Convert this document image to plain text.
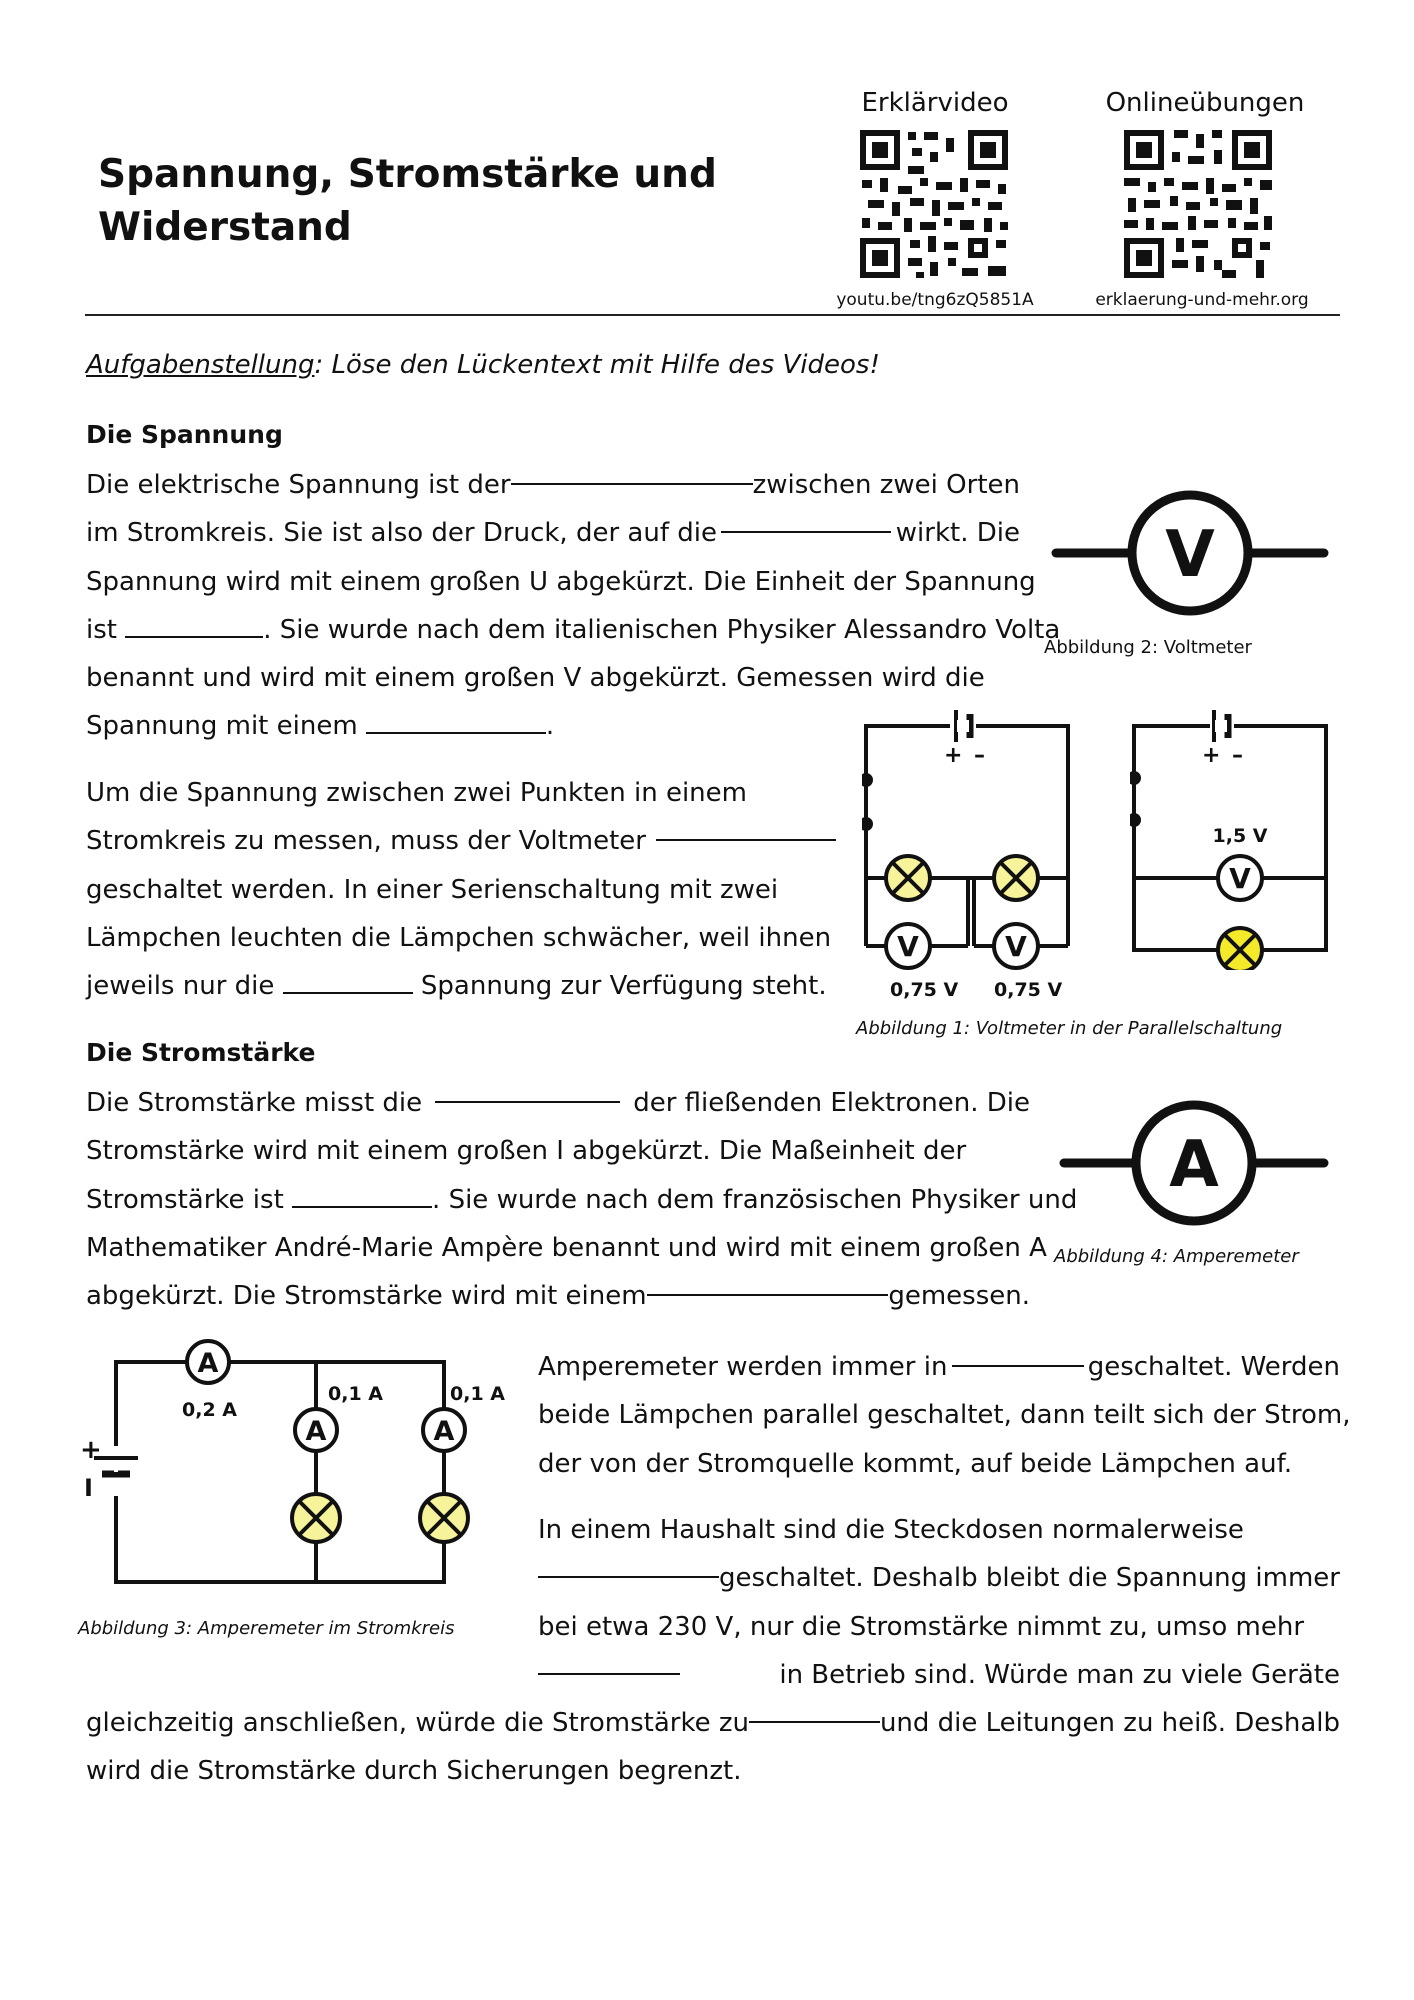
Spannung, Stromstärke und
Widerstand
Erklärvideo
youtu.be/tng6zQ5851A
Onlineübungen
erklaerung-und-mehr.org
Aufgabenstellung: Löse den Lückentext mit Hilfe des Videos!
Die Spannung
Die elektrische Spannung ist der	zwischen zwei Orten
im Stromkreis. Sie ist also der Druck, der auf die	wirkt. Die
Spannung wird mit einem großen U abgekürzt. Die Einheit der Spannung
ist	. Sie wurde nach dem italienischen Physiker Alessandro Volta
benannt und wird mit einem großen V abgekürzt. Gemessen wird die
Spannung mit einem	.
Um die Spannung zwischen zwei Punkten in einem
Stromkreis zu messen, muss der Voltmeter
geschaltet werden. In einer Serienschaltung mit zwei
Lämpchen leuchten die Lämpchen schwächer, weil ihnen
jeweils nur die	Spannung zur Verfügung steht.
V
Abbildung 2: Voltmeter
+ –
V	V
0,75 V 0,75 V
+ –
1,5 V
V
Abbildung 1: Voltmeter in der Parallelschaltung
Die Stromstärke
Die Stromstärke misst die	der fließenden Elektronen. Die
Stromstärke wird mit einem großen I abgekürzt. Die Maßeinheit der
Stromstärke ist	. Sie wurde nach dem französischen Physiker und
Mathematiker André-Marie Ampère benannt und wird mit einem großen A
abgekürzt. Die Stromstärke wird mit einem	gemessen.
A
Abbildung 4: Amperemeter
+
I
A
0,2 A
0,1 A	0,1 A
A	A
Abbildung 3: Amperemeter im Stromkreis
Amperemeter werden immer in	geschaltet. Werden
beide Lämpchen parallel geschaltet, dann teilt sich der Strom,
der von der Stromquelle kommt, auf beide Lämpchen auf.
In einem Haushalt sind die Steckdosen normalerweise
geschaltet. Deshalb bleibt die Spannung immer
bei etwa 230 V, nur die Stromstärke nimmt zu, umso mehr
in Betrieb sind. Würde man zu viele Geräte
gleichzeitig anschließen, würde die Stromstärke zu	und die Leitungen zu heiß. Deshalb
wird die Stromstärke durch Sicherungen begrenzt.
